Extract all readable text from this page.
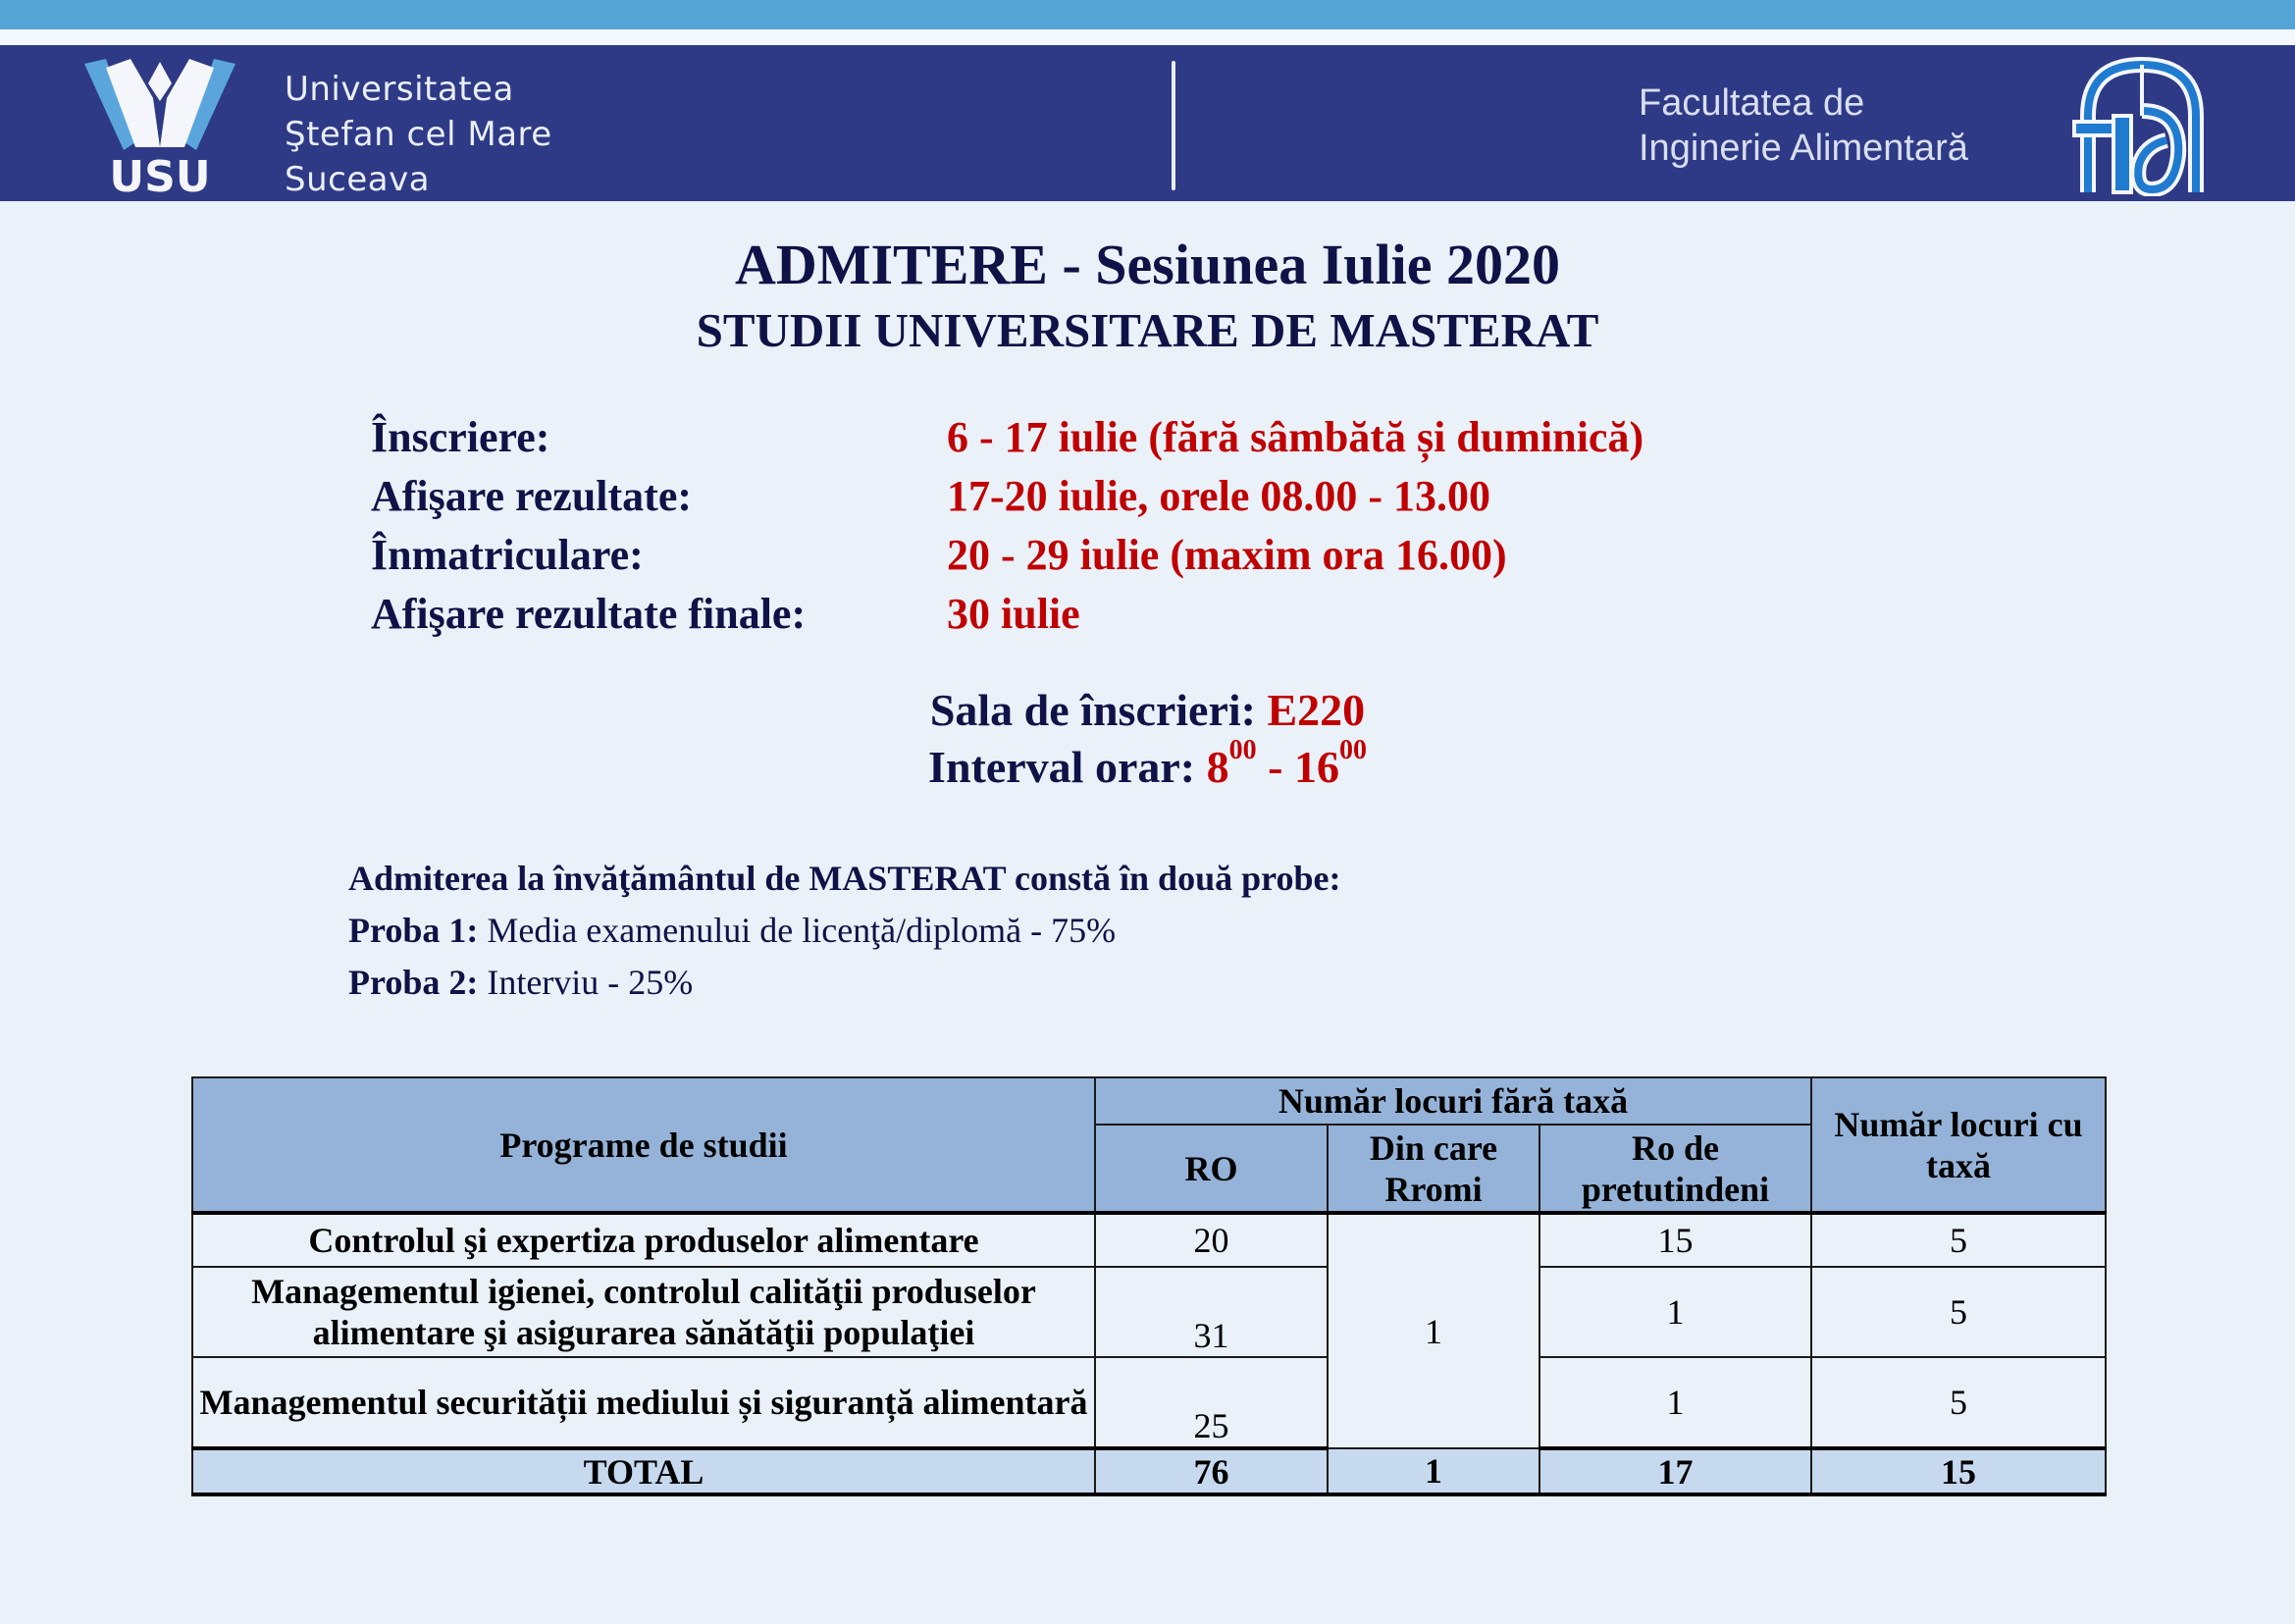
USU
Universitatea
Ştefan cel Mare
Suceava
Facultatea de
Inginerie Alimentară
ADMITERE - Sesiunea Iulie 2020
STUDII UNIVERSITARE DE MASTERAT
Înscriere:	6 - 17 iulie (fără sâmbătă și duminică)
Afişare rezultate:	17-20 iulie, orele 08.00 - 13.00
Înmatriculare:	20 - 29 iulie (maxim ora 16.00)
Afişare rezultate finale:	30 iulie
Sala de înscrieri: E220
Interval orar: $8^{00} - 16^{00}$
Admiterea la învăţământul de MASTERAT constă în două probe:
Proba 1: Media examenului de licenţă/diplomă - 75%
Proba 2: Interviu - 25%
Programe de studii	Număr locuri fără taxă			Număr locuri cu taxă
	RO	Din care Rromi	Ro de pretutindeni	
Controlul şi expertiza produselor alimentare	20	1	15	5
Managementul igienei, controlul calităţii produselor alimentare şi asigurarea sănătăţii populaţiei	31		1	5
Managementul securității mediului și siguranță alimentară	25		1	5
TOTAL	76	1	17	15
